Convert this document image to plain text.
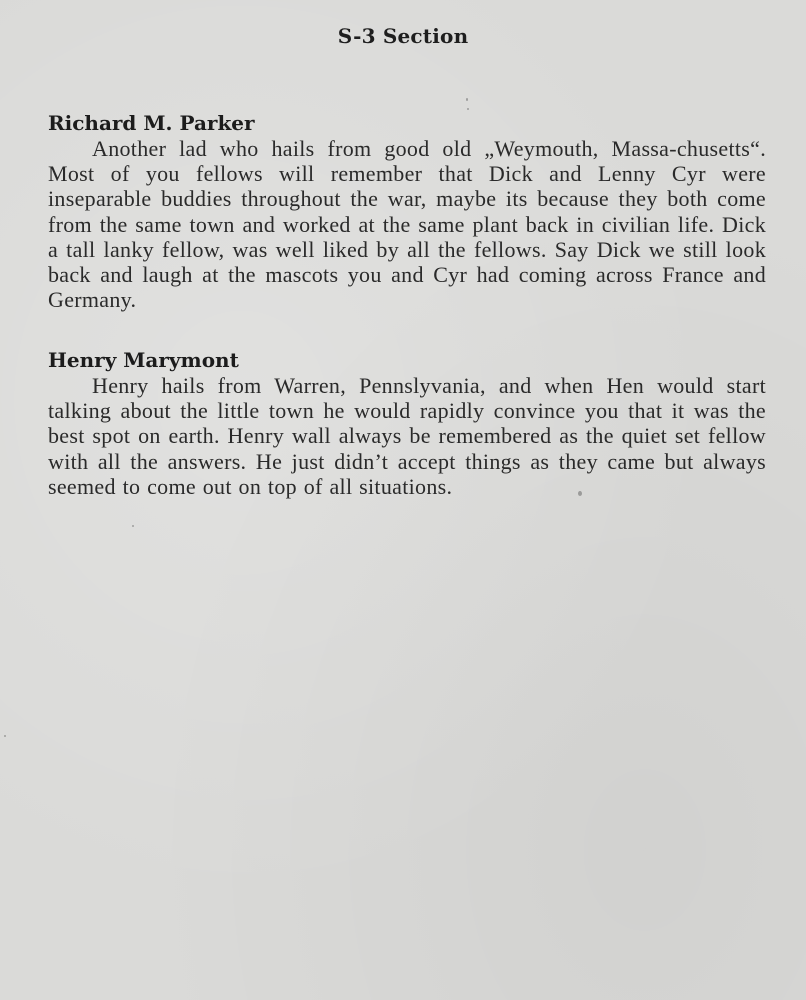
S-3 Section
Richard M. Parker

Another lad who hails from good old „Weymouth, Massa-chusetts“. Most of you fellows will remember that Dick and Lenny Cyr were inseparable buddies throughout the war, maybe its because they both come from the same town and worked at the same plant back in civilian life. Dick a tall lanky fellow, was well liked by all the fellows. Say Dick we still look back and laugh at the mascots you and Cyr had coming across France and Germany.

Henry Marymont

Henry hails from Warren, Pennslyvania, and when Hen would start talking about the little town he would rapidly convince you that it was the best spot on earth. Henry wall always be remembered as the quiet set fellow with all the answers. He just didn’t accept things as they came but always seemed to come out on top of all situations.
